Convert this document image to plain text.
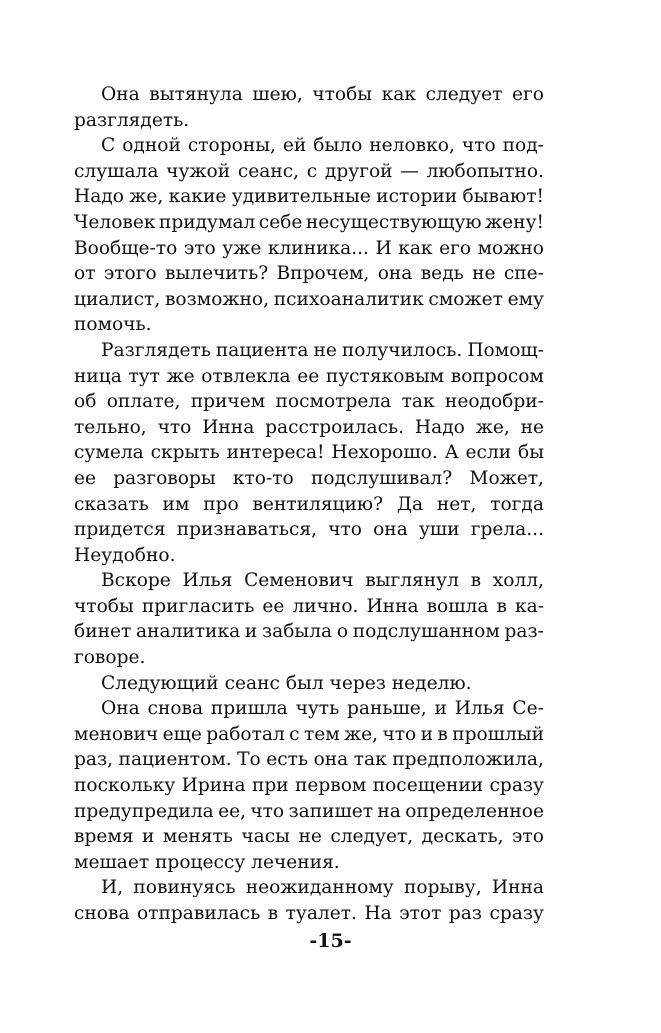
Она вытянула шею, чтобы как следует его
разглядеть.
С одной стороны, ей было неловко, что под-
слушала чужой сеанс, с другой — любопытно.
Надо же, какие удивительные истории бывают!
Человек придумал себе несуществующую жену!
Вообще-то это уже клиника... И как его можно
от этого вылечить? Впрочем, она ведь не спе-
циалист, возможно, психоаналитик сможет ему
помочь.
Разглядеть пациента не получилось. Помощ-
ница тут же отвлекла ее пустяковым вопросом
об оплате, причем посмотрела так неодобри-
тельно, что Инна расстроилась. Надо же, не
сумела скрыть интереса! Нехорошо. А если бы
ее разговоры кто-то подслушивал? Может,
сказать им про вентиляцию? Да нет, тогда
придется признаваться, что она уши грела...
Неудобно.
Вскоре Илья Семенович выглянул в холл,
чтобы пригласить ее лично. Инна вошла в ка-
бинет аналитика и забыла о подслушанном раз-
говоре.
Следующий сеанс был через неделю.
Она снова пришла чуть раньше, и Илья Се-
менович еще работал с тем же, что и в прошлый
раз, пациентом. То есть она так предположила,
поскольку Ирина при первом посещении сразу
предупредила ее, что запишет на определенное
время и менять часы не следует, дескать, это
мешает процессу лечения.
И, повинуясь неожиданному порыву, Инна
снова отправилась в туалет. На этот раз сразу
-15-
